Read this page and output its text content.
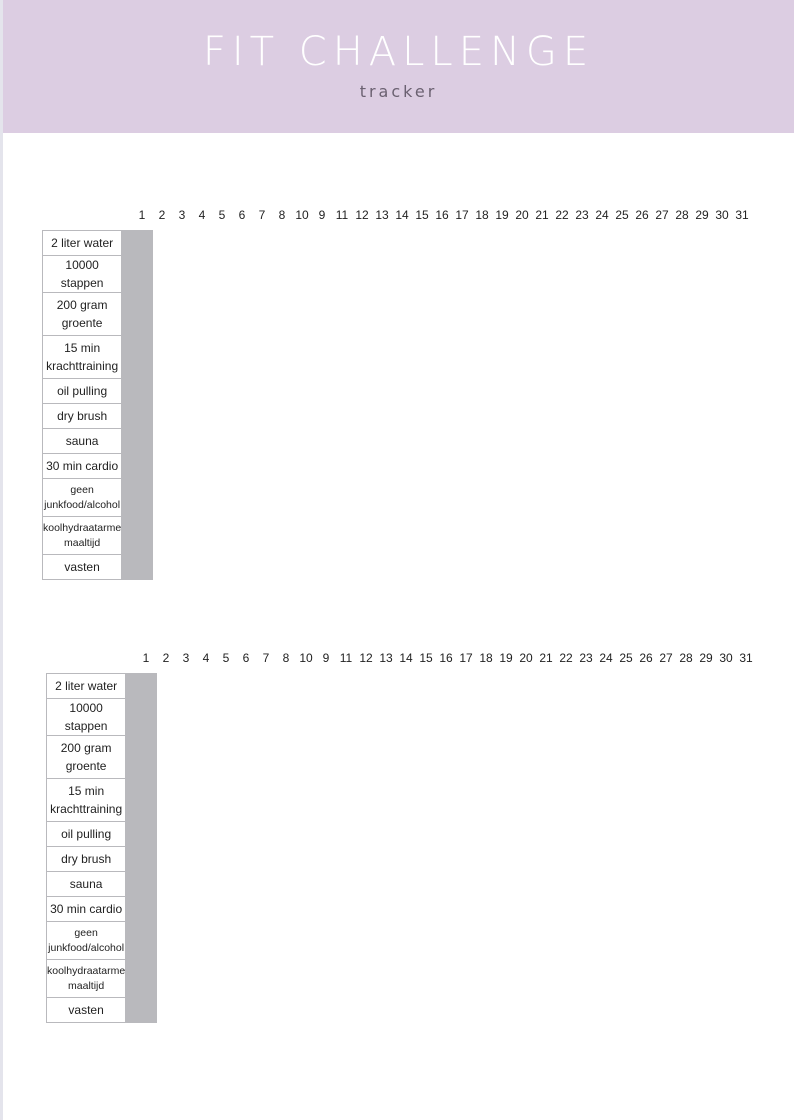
FIT CHALLENGE
tracker
1	2	3	4	5	6	7	8 10 9 11 12 13 14 15 16 17 18 19 20 21 22 23 24 25 26 27 28 29 30 31
2 liter water																

10000 stappen																

200 gram
groente																

15 min
krachttraining																

oil pulling																

dry brush																

sauna																

30 min cardio																

geen
junkfood/alcohol																

koolhydraatarme
maaltijd																

vasten																

1	2	3	4	5	6	7	8 10 9 11 12 13 14 15 16 17 18 19 20 21 22 23 24 25 26 27 28 29 30 31
2 liter water																

10000 stappen																

200 gram
groente																

15 min
krachttraining																

oil pulling																

dry brush																

sauna																

30 min cardio																

geen
junkfood/alcohol																

koolhydraatarme
maaltijd																

vasten																
